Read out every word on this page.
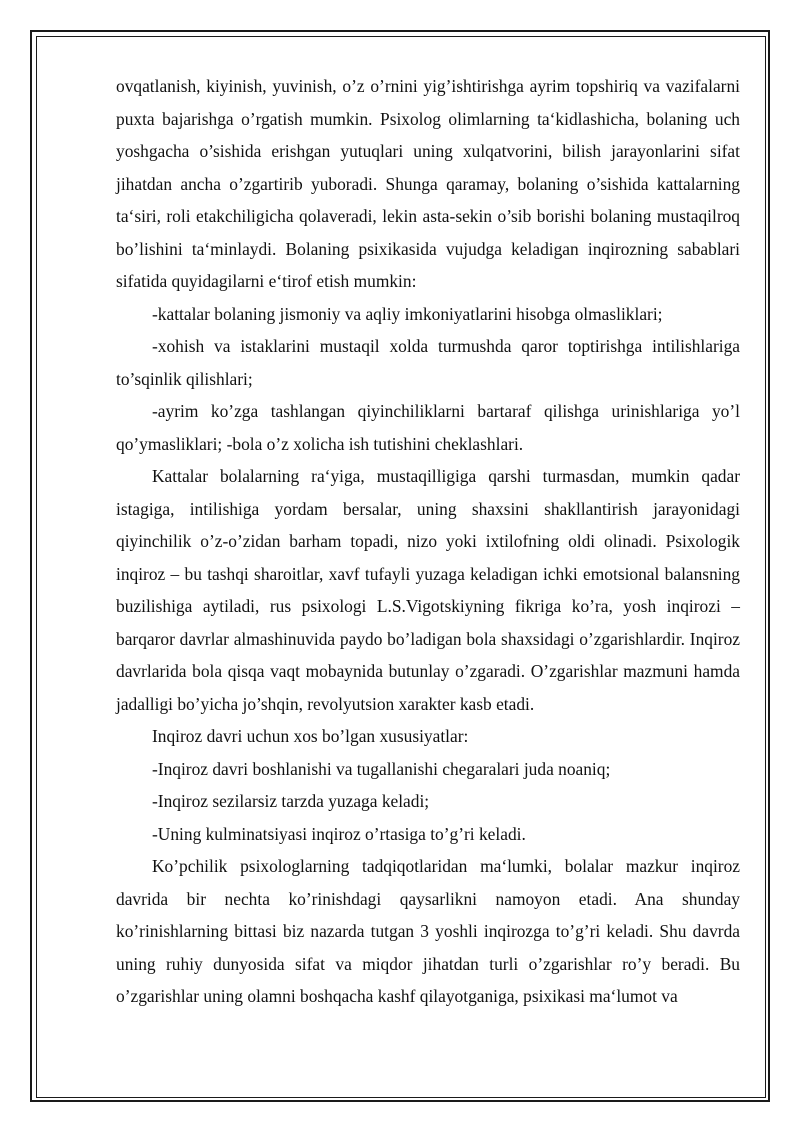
ovqatlanish, kiyinish, yuvinish, o’z o’rnini yig’ishtirishga ayrim topshiriq va vazifalarni puxta bajarishga o’rgatish mumkin. Psixolog olimlarning ta‘kidlashicha, bolaning uch yoshgacha o’sishida erishgan yutuqlari uning xulqatvorini, bilish jarayonlarini sifat jihatdan ancha o’zgartirib yuboradi. Shunga qaramay, bolaning o’sishida kattalarning ta‘siri, roli etakchiligicha qolaveradi, lekin asta-sekin o’sib borishi bolaning mustaqilroq bo’lishini ta‘minlaydi. Bolaning psixikasida vujudga keladigan inqirozning sabablari sifatida quyidagilarni e‘tirof etish mumkin:

-kattalar bolaning jismoniy va aqliy imkoniyatlarini hisobga olmasliklari;

-xohish va istaklarini mustaqil xolda turmushda qaror toptirishga intilishlariga to’sqinlik qilishlari;

-ayrim ko’zga tashlangan qiyinchiliklarni bartaraf qilishga urinishlariga yo’l qo’ymasliklari; -bola o’z xolicha ish tutishini cheklashlari.

Kattalar bolalarning ra‘yiga, mustaqilligiga qarshi turmasdan, mumkin qadar istagiga, intilishiga yordam bersalar, uning shaxsini shakllantirish jarayonidagi qiyinchilik o’z-o’zidan barham topadi, nizo yoki ixtilofning oldi olinadi. Psixologik inqiroz – bu tashqi sharoitlar, xavf tufayli yuzaga keladigan ichki emotsional balansning buzilishiga aytiladi, rus psixologi L.S.Vigotskiyning fikriga ko’ra, yosh inqirozi – barqaror davrlar almashinuvida paydo bo’ladigan bola shaxsidagi o’zgarishlardir. Inqiroz davrlarida bola qisqa vaqt mobaynida butunlay o’zgaradi. O’zgarishlar mazmuni hamda jadalligi bo’yicha jo’shqin, revolyutsion xarakter kasb etadi.

Inqiroz davri uchun xos bo’lgan xususiyatlar:

-Inqiroz davri boshlanishi va tugallanishi chegaralari juda noaniq;

-Inqiroz sezilarsiz tarzda yuzaga keladi;

-Uning kulminatsiyasi inqiroz o’rtasiga to’g’ri keladi.

Ko’pchilik psixologlarning tadqiqotlaridan ma‘lumki, bolalar mazkur inqiroz davrida bir nechta ko’rinishdagi qaysarlikni namoyon etadi. Ana shunday ko’rinishlarning bittasi biz nazarda tutgan 3 yoshli inqirozga to’g’ri keladi. Shu davrda uning ruhiy dunyosida sifat va miqdor jihatdan turli o’zgarishlar ro’y beradi. Bu o’zgarishlar uning olamni boshqacha kashf qilayotganiga, psixikasi ma‘lumot va
